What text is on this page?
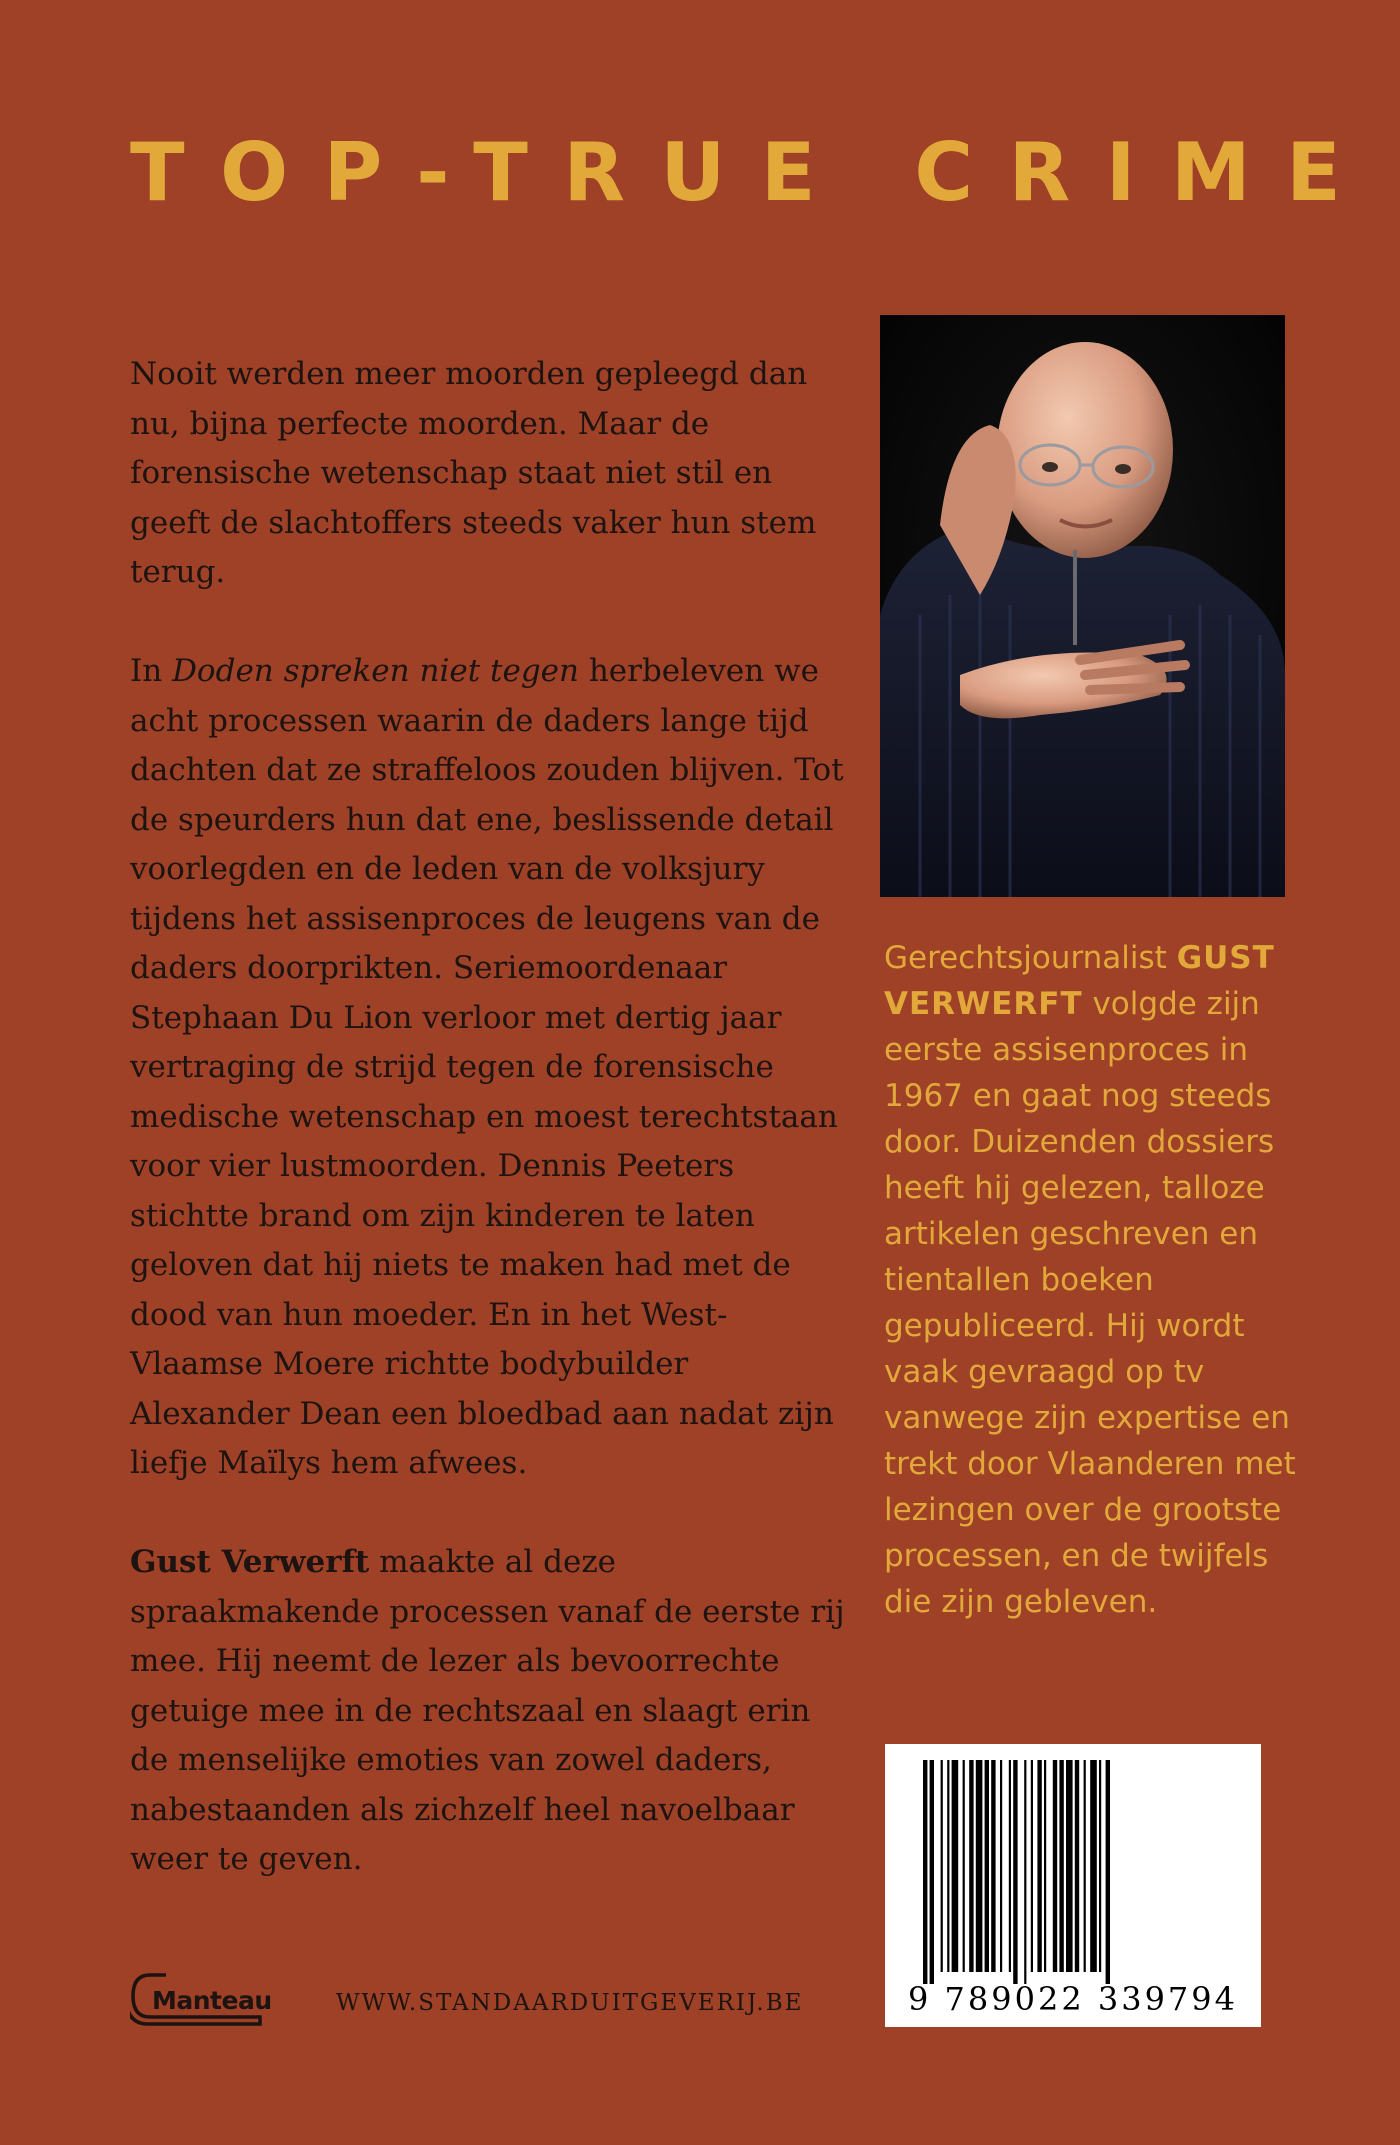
TOP-TRUE CRIME

Nooit werden meer moorden gepleegd dan nu, bijna perfecte moorden. Maar de forensische wetenschap staat niet stil en geeft de slachtoffers steeds vaker hun stem terug.

In Doden spreken niet tegen herbeleven we acht processen waarin de daders lange tijd dachten dat ze straffeloos zouden blijven. Tot de speurders hun dat ene, beslissende detail voorlegden en de leden van de volksjury tijdens het assisenproces de leugens van de daders doorprikten. Seriemoordenaar Stephaan Du Lion verloor met dertig jaar vertraging de strijd tegen de forensische medische wetenschap en moest terechtstaan voor vier lustmoorden. Dennis Peeters stichtte brand om zijn kinderen te laten geloven dat hij niets te maken had met de dood van hun moeder. En in het West-Vlaamse Moere richtte bodybuilder Alexander Dean een bloedbad aan nadat zijn liefje Maïlys hem afwees.

Gust Verwerft maakte al deze spraakmakende processen vanaf de eerste rij mee. Hij neemt de lezer als bevoorrechte getuige mee in de rechtszaal en slaagt erin de menselijke emoties van zowel daders, nabestaanden als zichzelf heel navoelbaar weer te geven.

Gerechtsjournalist GUST VERWERFT volgde zijn eerste assisenproces in 1967 en gaat nog steeds door. Duizenden dossiers heeft hij gelezen, talloze artikelen geschreven en tientallen boeken gepubliceerd. Hij wordt vaak gevraagd op tv vanwege zijn expertise en trekt door Vlaanderen met lezingen over de grootste processen, en de twijfels die zijn gebleven.

Manteau	WWW.STANDAARDUITGEVERIJ.BE	9 789022 339794
